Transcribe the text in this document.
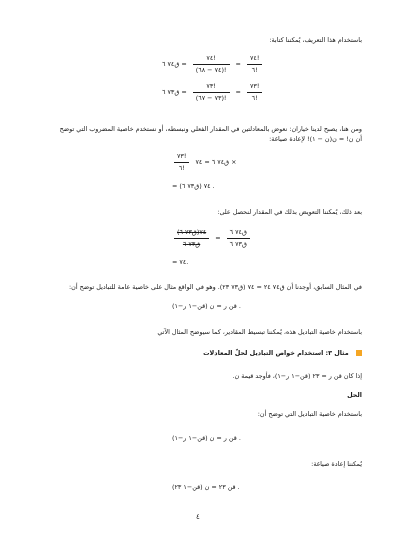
باستخدام هذا التعريف، يُمكننا كتابة:
ق٧٤ ٦ = $\frac{٧٤!}{(٧٤ - ٦٨)!} = \frac{٧٤!}{٦!}$
ق٧٣ ٦ = $\frac{٧٣!}{(٧٣ - ٦٧)!} = \frac{٧٣!}{٦!}$
ومن هنا، يصبح لدينا خياران: نعوض بالمعادلتين في المقدار الفعلي ونبسطه، أو نستخدم خاصية المضروب التي توضح
أن ن! = ن(ن − ١)! لإعادة صياغة:
$\frac{٧٣!}{٦!}$ ق٧٤ ٦ = ٧٤ ×
= ٧٤ (ق٧٣ ٦) .
بعد ذلك، يُمكننا التعويض بذلك في المقدار لنحصل على:
$\frac{\text{٧٤(ق٧٣ ٦)}}{\text{ق٧٣ ٦}} = \frac{\text{ق٧٤ ٦}}{\text{ق٧٣ ٦}}$
= ٧٤.
في المثال السابق، أوجدنا أن ق٧٤ ٢٤ = ٧٤ (ق٧٣ ٢٣). وهو في الواقع مثال على خاصية عامة للتباديل توضح أن:
قن ر = ن (قن−١ ر−١) .
باستخدام خاصية التباديل هذه، يُمكننا تبسيط المقادير، كما سيوضح المثال الآتي
مثال ٣: استخدام خواص التباديل لحلّ المعادلات
إذا كان قن ر = ٢٣ (قن−١ ر−١)، فأوجد قيمة ن.
الحل
باستخدام خاصية التباديل التي توضح أن:
قن ر = ن (قن−١ ر−١) .
يُمكننا إعادة صياغة:
قن ٢٣ = ن (قن−١ ٢٣) .
٤
